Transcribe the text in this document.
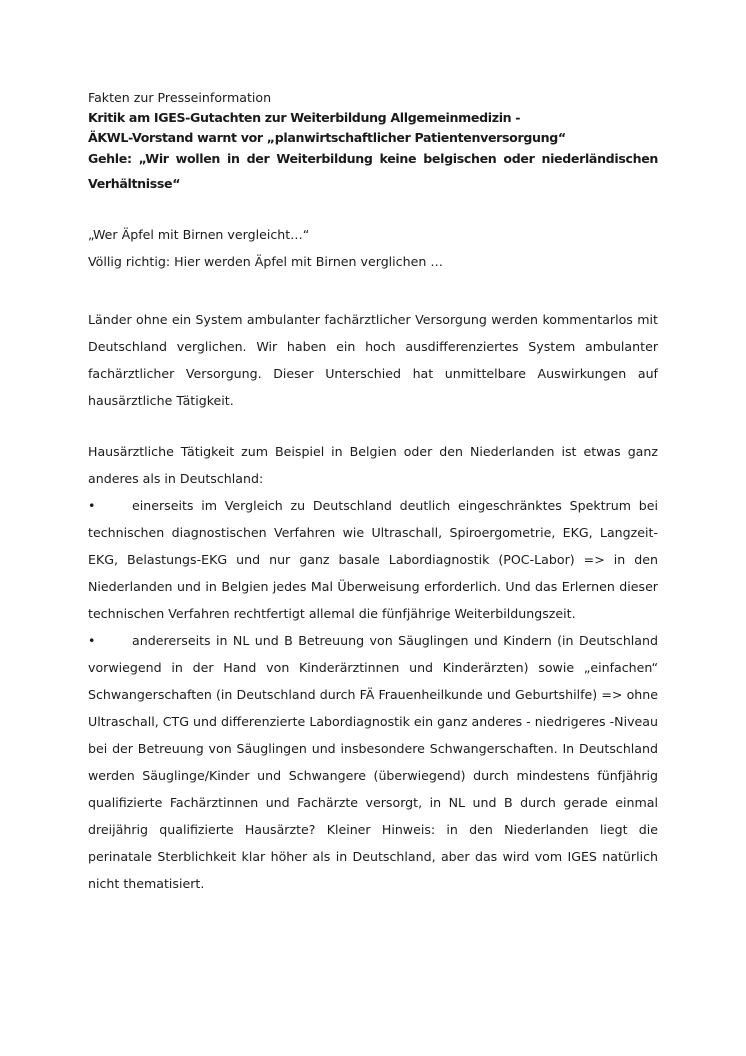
Fakten zur Presseinformation

Kritik am IGES-Gutachten zur Weiterbildung Allgemeinmedizin -

ÄKWL-Vorstand warnt vor „planwirtschaftlicher Patientenversorgung“

Gehle: „Wir wollen in der Weiterbildung keine belgischen oder niederländischen Verhältnisse“

„Wer Äpfel mit Birnen vergleicht…“

Völlig richtig: Hier werden Äpfel mit Birnen verglichen …

Länder ohne ein System ambulanter fachärztlicher Versorgung werden kommentarlos mit Deutschland verglichen. Wir haben ein hoch ausdifferenziertes System ambulanter fachärztlicher Versorgung. Dieser Unterschied hat unmittelbare Auswirkungen auf hausärztliche Tätigkeit.

Hausärztliche Tätigkeit zum Beispiel in Belgien oder den Niederlanden ist etwas ganz anderes als in Deutschland:

•	einerseits im Vergleich zu Deutschland deutlich eingeschränktes Spektrum bei technischen diagnostischen Verfahren wie Ultraschall, Spiroergometrie, EKG, Langzeit-EKG, Belastungs-EKG und nur ganz basale Labordiagnostik (POC-Labor) => in den Niederlanden und in Belgien jedes Mal Überweisung erforderlich. Und das Erlernen dieser technischen Verfahren rechtfertigt allemal die fünfjährige Weiterbildungszeit.

•	andererseits in NL und B Betreuung von Säuglingen und Kindern (in Deutschland vorwiegend in der Hand von Kinderärztinnen und Kinderärzten) sowie „einfachen“ Schwangerschaften (in Deutschland durch FÄ Frauenheilkunde und Geburtshilfe) => ohne Ultraschall, CTG und differenzierte Labordiagnostik ein ganz anderes - niedrigeres -Niveau bei der Betreuung von Säuglingen und insbesondere Schwangerschaften. In Deutschland werden Säuglinge/Kinder und Schwangere (überwiegend) durch mindestens fünfjährig qualifizierte Fachärztinnen und Fachärzte versorgt, in NL und B durch gerade einmal dreijährig qualifizierte Hausärzte? Kleiner Hinweis: in den Niederlanden liegt die perinatale Sterblichkeit klar höher als in Deutschland, aber das wird vom IGES natürlich nicht thematisiert.
